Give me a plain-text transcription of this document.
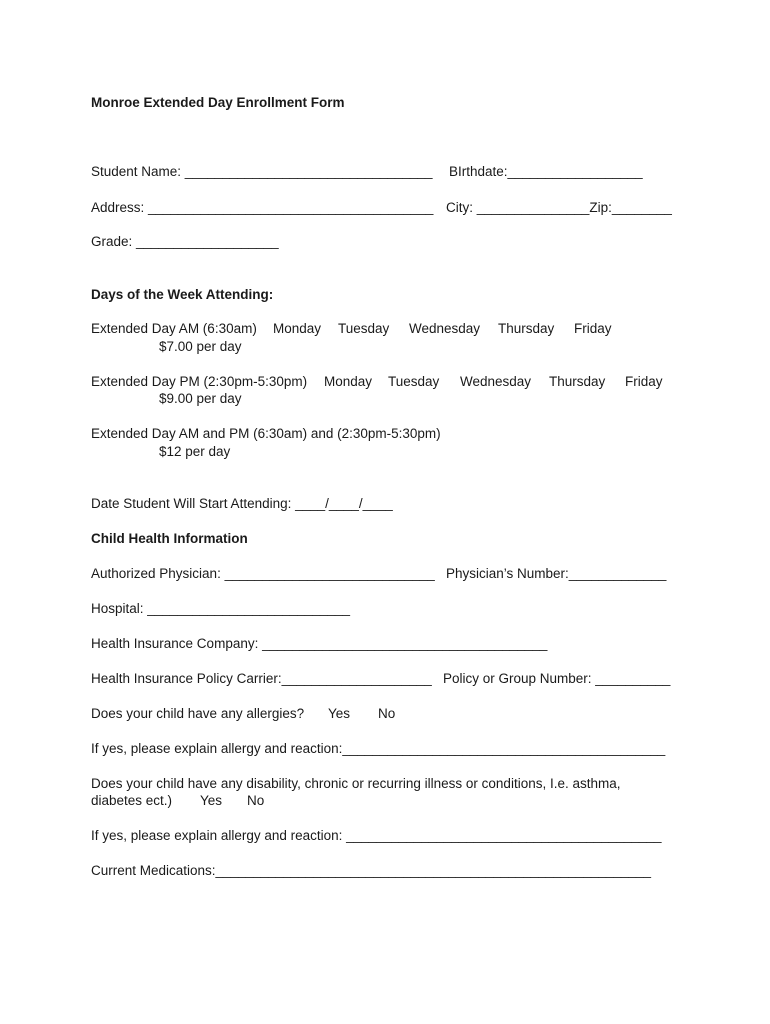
Monroe Extended Day Enrollment Form
Student Name: _________________________________ BIrthdate:__________________
Address: ______________________________________ City: _______________Zip:________
Grade: ___________________
Days of the Week Attending:
Extended Day AM (6:30am) Monday Tuesday Wednesday Thursday Friday
$7.00 per day
Extended Day PM (2:30pm-5:30pm) Monday Tuesday Wednesday Thursday Friday
$9.00 per day
Extended Day AM and PM (6:30am) and (2:30pm-5:30pm)
$12 per day
Date Student Will Start Attending: ____/____/____
Child Health Information
Authorized Physician: ____________________________ Physician’s Number:_____________
Hospital: ___________________________
Health Insurance Company: ______________________________________
Health Insurance Policy Carrier:____________________ Policy or Group Number: __________
Does your child have any allergies? Yes No
If yes, please explain allergy and reaction:___________________________________________
Does your child have any disability, chronic or recurring illness or conditions, I.e. asthma,
diabetes ect.) Yes No
If yes, please explain allergy and reaction: __________________________________________
Current Medications:__________________________________________________________
